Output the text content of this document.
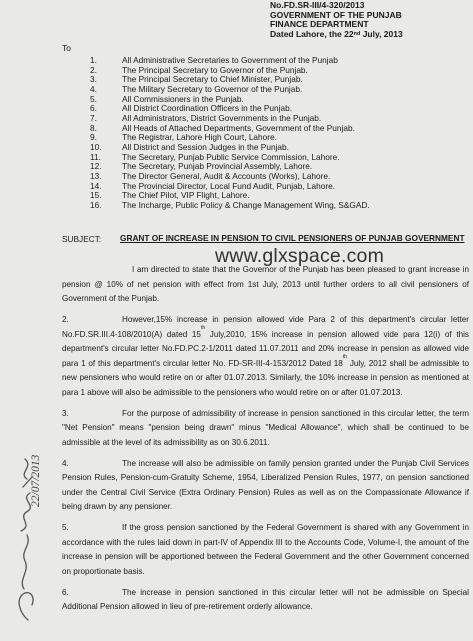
No.FD.SR-III/4-320/2013
GOVERNMENT OF THE PUNJAB
FINANCE DEPARTMENT
Dated Lahore, the 22nd July, 2013
To
1.	All Administrative Secretaries to Government of the Punjab
2.	The Principal Secretary to Governor of the Punjab.
3.	The Principal Secretary to Chief Minister, Punjab.
4.	The Military Secretary to Governor of the Punjab.
5.	All Commissioners in the Punjab.
6.	All District Coordination Officers in the Punjab.
7.	All Administrators, District Governments in the Punjab.
8.	All Heads of Attached Departments, Government of the Punjab.
9.	The Registrar, Lahore High Court, Lahore.
10.	All District and Session Judges in the Punjab.
11.	The Secretary, Punjab Public Service Commission, Lahore.
12.	The Secretary, Punjab Provincial Assembly, Lahore.
13.	The Director General, Audit & Accounts (Works), Lahore.
14.	The Provincial Director, Local Fund Audit, Punjab, Lahore.
15.	The Chief Pilot, VIP Flight, Lahore.
16.	The Incharge, Public Policy & Change Management Wing, S&GAD.
SUBJECT:	GRANT OF INCREASE IN PENSION TO CIVIL PENSIONERS OF PUNJAB GOVERNMENT
www.glxspace.com

I am directed to state that the Governor of the Punjab has been pleased to grant increase in pension @ 10% of net pension with effect from 1st July, 2013 until further orders to all civil pensioners of Government of the Punjab.

2.	However,15% increase in pension allowed vide Para 2 of this department's circular letter No.FD.SR.III.4-108/2010(A) dated 15th July,2010, 15% increase in pension allowed vide para 12(i) of this department's circular letter No.FD.PC.2-1/2011 dated 11.07.2011 and 20% increase in pension as allowed vide para 1 of this department's circular letter No. FD-SR-III-4-153/2012 Dated 18th July, 2012 shall be admissible to new pensioners who would retire on or after 01.07.2013. Similarly, the 10% increase in pension as mentioned at para 1 above will also be admissible to the pensioners who would retire on or after 01.07.2013.

3.	For the purpose of admissibility of increase in pension sanctioned in this circular letter, the term "Net Pension" means "pension being drawn" minus "Medical Allowance", which shall be continued to be admissible at the level of its admissibility as on 30.6.2011.

4.	The increase will also be admissible on family pension granted under the Punjab Civil Services Pension Rules, Pension-cum-Gratuity Scheme, 1954, Liberalized Pension Rules, 1977, on pension sanctioned under the Central Civil Service (Extra Ordinary Pension) Rules as well as on the Compassionate Allowance if being drawn by any pensioner.

5.	If the gross pension sanctioned by the Federal Government is shared with any Government in accordance with the rules laid down in part-IV of Appendix III to the Accounts Code, Volume-I, the amount of the increase in pension will be apportioned between the Federal Government and the other Government concerned on proportionate basis.

6.	The increase in pension sanctioned in this circular letter will not be admissible on Special Additional Pension allowed in lieu of pre-retirement orderly allowance.

22/07/2013
